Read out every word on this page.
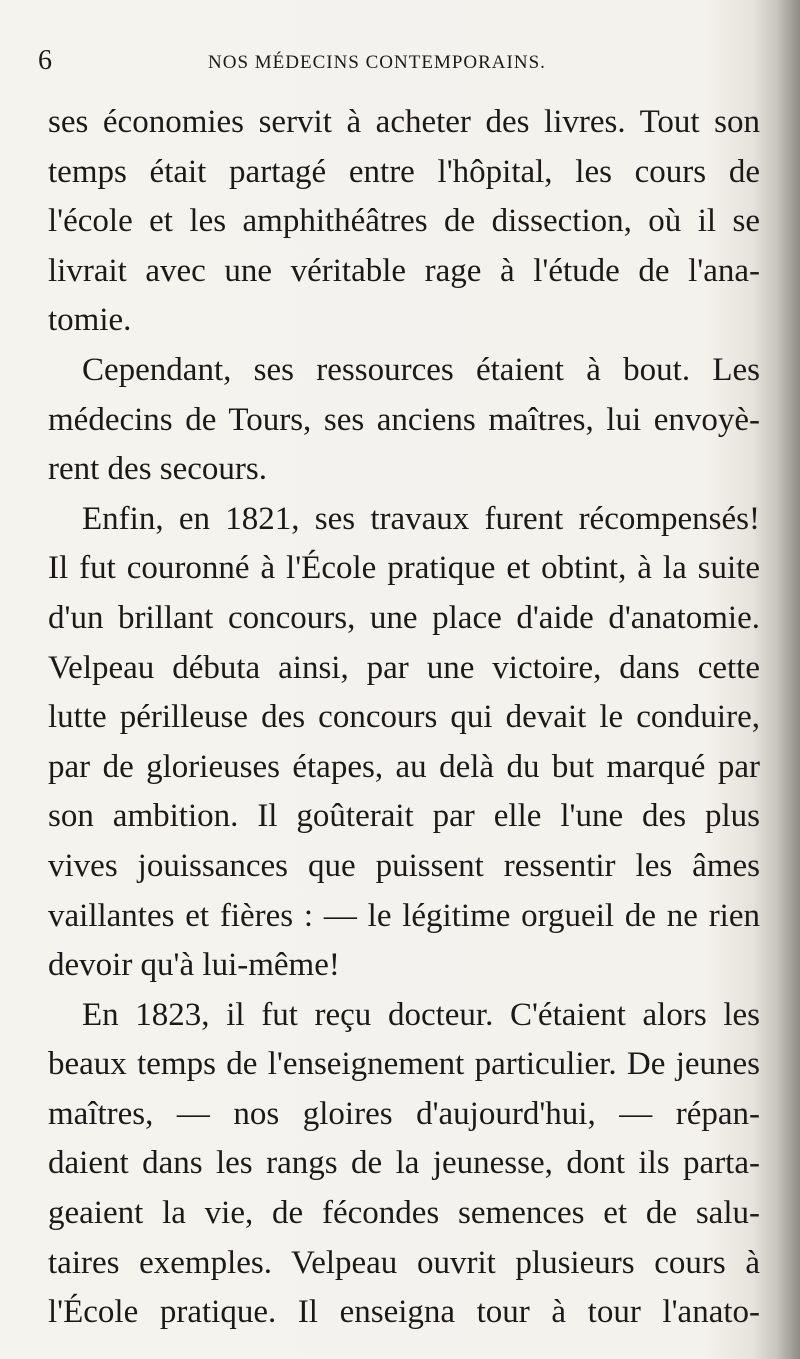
6	NOS MÉDECINS CONTEMPORAINS.
ses économies servit à acheter des livres. Tout son
temps était partagé entre l'hôpital, les cours de
l'école et les amphithéâtres de dissection, où il se
livrait avec une véritable rage à l'étude de l'ana-
tomie.
Cependant, ses ressources étaient à bout. Les
médecins de Tours, ses anciens maîtres, lui envoyè-
rent des secours.
Enfin, en 1821, ses travaux furent récompensés!
Il fut couronné à l'École pratique et obtint, à la suite
d'un brillant concours, une place d'aide d'anatomie.
Velpeau débuta ainsi, par une victoire, dans cette
lutte périlleuse des concours qui devait le conduire,
par de glorieuses étapes, au delà du but marqué par
son ambition. Il goûterait par elle l'une des plus
vives jouissances que puissent ressentir les âmes
vaillantes et fières : — le légitime orgueil de ne rien
devoir qu'à lui-même!
En 1823, il fut reçu docteur. C'étaient alors les
beaux temps de l'enseignement particulier. De jeunes
maîtres, — nos gloires d'aujourd'hui, — répan-
daient dans les rangs de la jeunesse, dont ils parta-
geaient la vie, de fécondes semences et de salu-
taires exemples. Velpeau ouvrit plusieurs cours à
l'École pratique. Il enseigna tour à tour l'anato-
